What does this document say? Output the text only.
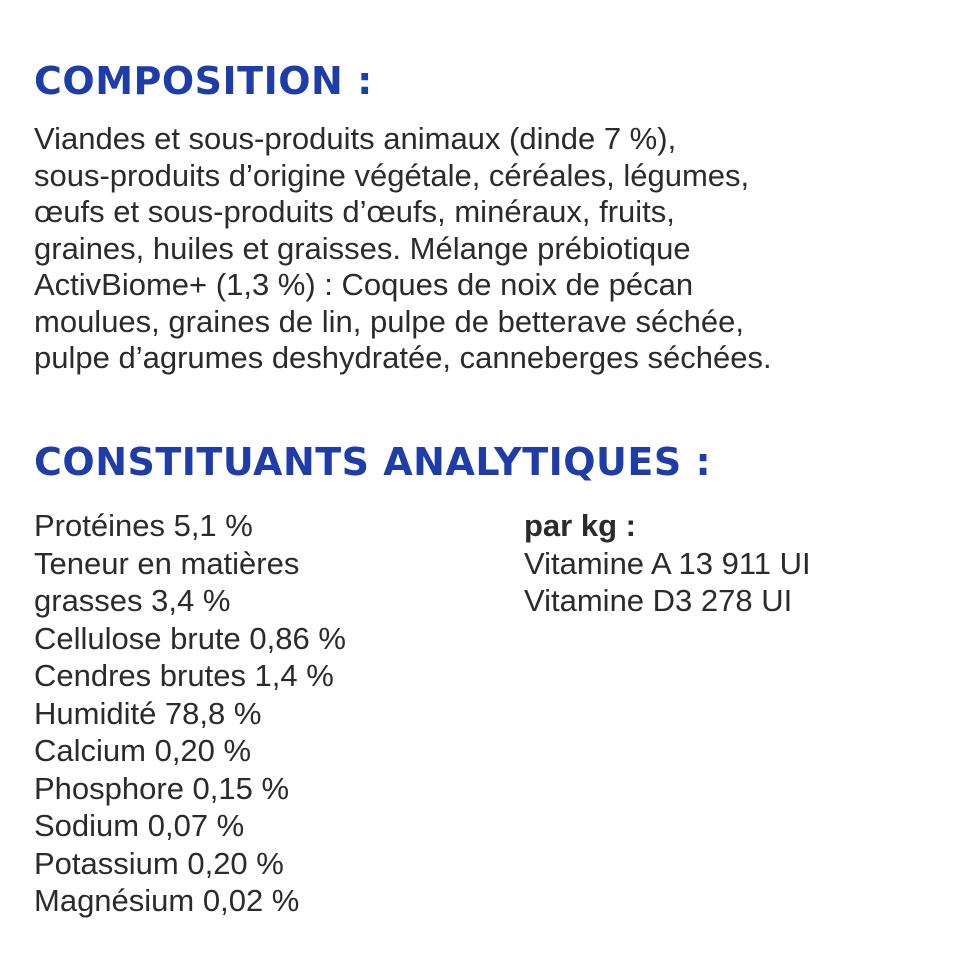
COMPOSITION :

Viandes et sous-produits animaux (dinde 7 %),
sous-produits d’origine végétale, céréales, légumes,
œufs et sous-produits d’œufs, minéraux, fruits,
graines, huiles et graisses. Mélange prébiotique
ActivBiome+ (1,3 %) : Coques de noix de pécan
moulues, graines de lin, pulpe de betterave séchée,
pulpe d’agrumes deshydratée, canneberges séchées.

CONSTITUANTS ANALYTIQUES :
Protéines 5,1 %
Teneur en matières
grasses 3,4 %
Cellulose brute 0,86 %
Cendres brutes 1,4 %
Humidité 78,8 %
Calcium 0,20 %
Phosphore 0,15 %
Sodium 0,07 %
Potassium 0,20 %
Magnésium 0,02 %
par kg :
Vitamine A 13 911 UI
Vitamine D3 278 UI
